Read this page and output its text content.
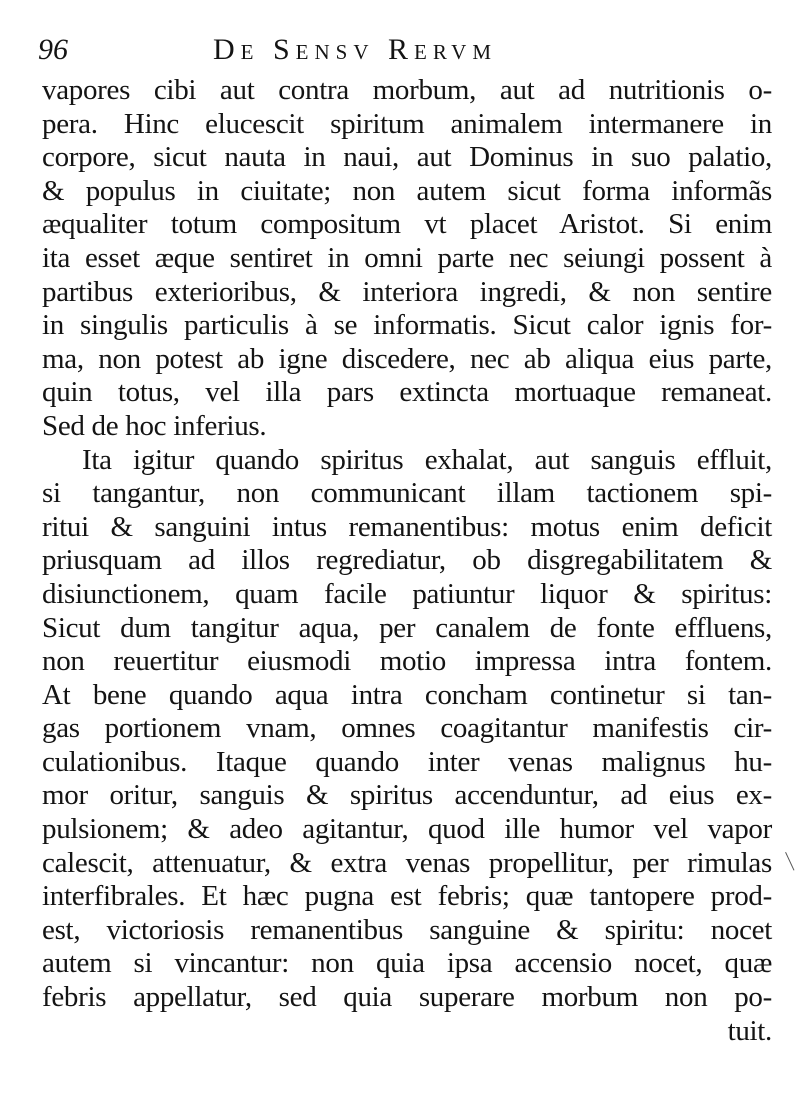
96	De Sensv Rervm
vapores cibi aut contra morbum, aut ad nutritionis o-
pera. Hinc elucescit spiritum animalem intermanere in
corpore, sicut nauta in naui, aut Dominus in suo palatio,
& populus in ciuitate; non autem sicut forma informãs
æqualiter totum compositum vt placet Aristot. Si enim
ita esset æque sentiret in omni parte nec seiungi possent à
partibus exterioribus, & interiora ingredi, & non sentire
in singulis particulis à se informatis. Sicut calor ignis for-
ma, non potest ab igne discedere, nec ab aliqua eius parte,
quin totus, vel illa pars extincta mortuaque remaneat.
Sed de hoc inferius.
Ita igitur quando spiritus exhalat, aut sanguis effluit,
si tangantur, non communicant illam tactionem spi-
ritui & sanguini intus remanentibus: motus enim deficit
priusquam ad illos regrediatur, ob disgregabilitatem &
disiunctionem, quam facile patiuntur liquor & spiritus:
Sicut dum tangitur aqua, per canalem de fonte effluens,
non reuertitur eiusmodi motio impressa intra fontem.
At bene quando aqua intra concham continetur si tan-
gas portionem vnam, omnes coagitantur manifestis cir-
culationibus. Itaque quando inter venas malignus hu-
mor oritur, sanguis & spiritus accenduntur, ad eius ex-
pulsionem; & adeo agitantur, quod ille humor vel vapor
calescit, attenuatur, & extra venas propellitur, per rimulas
interfibrales. Et hæc pugna est febris; quæ tantopere prod-
est, victoriosis remanentibus sanguine & spiritu: nocet
autem si vincantur: non quia ipsa accensio nocet, quæ
febris appellatur, sed quia superare morbum non po-
tuit.
